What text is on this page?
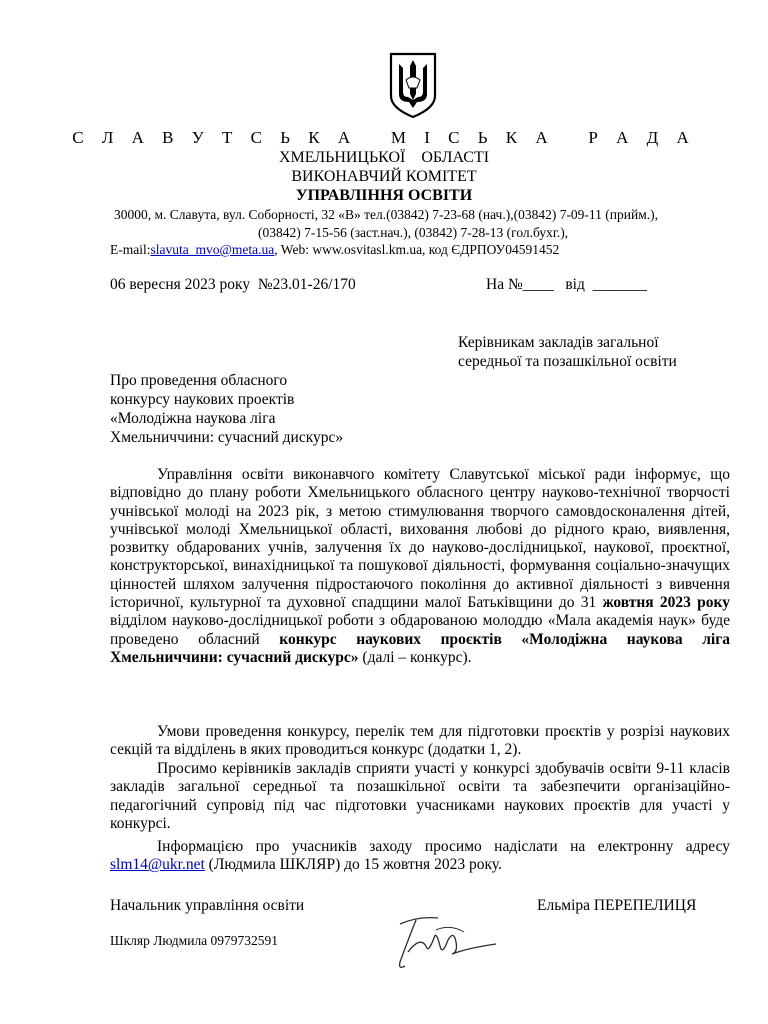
С Л А В У Т С Ь К А   М І С Ь К А   Р А Д А
ХМЕЛЬНИЦЬКОЇ    ОБЛАСТІ
ВИКОНАВЧИЙ КОМІТЕТ
УПРАВЛІННЯ ОСВІТИ
30000, м. Славута, вул. Соборності, 32 «В» тел.(03842) 7-23-68 (нач.),(03842) 7-09-11 (прийм.),
(03842) 7-15-56 (заст.нач.), (03842) 7-28-13 (гол.бухг.),
E-mail:slavuta_mvo@meta.ua, Web: www.osvitasl.km.ua, код ЄДРПОУ04591452
06 вересня 2023 року  №23.01-26/170	На №____   від  _______
Керівникам закладів загальної
середньої та позашкільної освіти
Про проведення обласного
конкурсу наукових проектів
«Молодіжна наукова ліга
Хмельниччини: сучасний дискурс»
Управління освіти виконавчого комітету Славутської міської ради інформує, що відповідно до плану роботи Хмельницького обласного центру науково-технічної творчості учнівської молоді на 2023 рік, з метою стимулювання творчого самовдосконалення дітей, учнівської молоді Хмельницької області, виховання любові до рідного краю, виявлення, розвитку обдарованих учнів, залучення їх до науково-дослідницької, наукової, проєктної, конструкторської, винахідницької та пошукової діяльності, формування соціально-значущих цінностей шляхом залучення підростаючого покоління до активної діяльності з вивчення історичної, культурної та духовної спадщини малої Батьківщини до 31 жовтня 2023 року відділом науково-дослідницької роботи з обдарованою молоддю «Мала академія наук» буде проведено обласний конкурс наукових проєктів «Молодіжна наукова ліга Хмельниччини: сучасний дискурс» (далі – конкурс).
Умови проведення конкурсу, перелік тем для підготовки проєктів у розрізі наукових секцій та відділень в яких проводиться конкурс (додатки 1, 2).
Просимо керівників закладів сприяти участі у конкурсі здобувачів освіти 9-11 класів закладів загальної середньої та позашкільної освіти та забезпечити організаційно-педагогічний супровід під час підготовки учасниками наукових проєктів для участі у конкурсі.
Інформацією про учасників заходу просимо надіслати на електронну адресу slm14@ukr.net (Людмила ШКЛЯР) до 15 жовтня 2023 року.
Начальник управління освіти	Ельміра ПЕРЕПЕЛИЦЯ
Шкляр Людмила 0979732591
